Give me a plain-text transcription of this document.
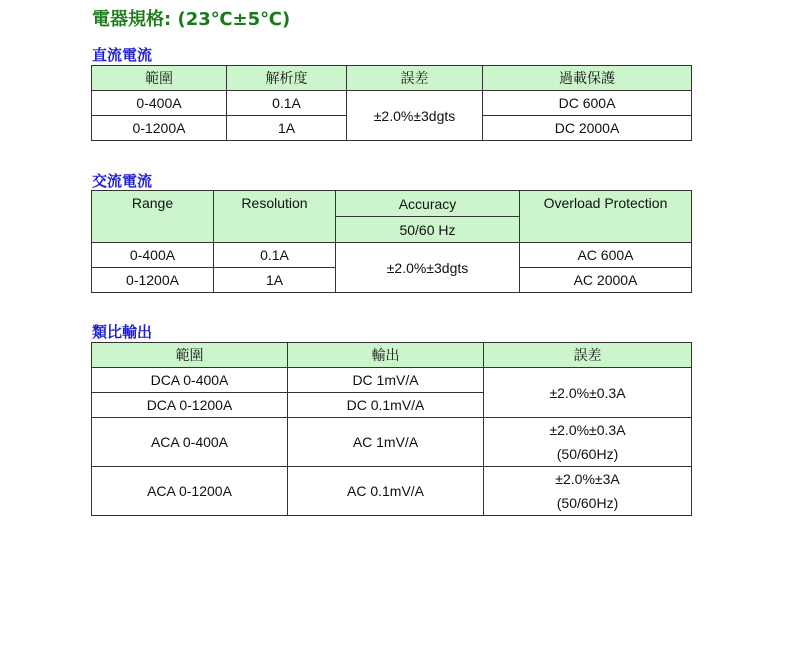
電器規格: (23℃±5℃)
直流電流
範圍	解析度	誤差	過載保護
0-400A	0.1A	±2.0%±3dgts	DC 600A
0-1200A	1A		DC 2000A
交流電流
Range	Resolution	Accuracy	Overload Protection
		50/60 Hz	
0-400A	0.1A	±2.0%±3dgts	AC 600A
0-1200A	1A		AC 2000A
類比輸出
範圍	輸出	誤差
DCA 0-400A	DC 1mV/A	±2.0%±0.3A
DCA 0-1200A	DC 0.1mV/A	
ACA 0-400A	AC 1mV/A	±2.0%±0.3A
(50/60Hz)

ACA 0-1200A	AC 0.1mV/A	±2.0%±3A
(50/60Hz)
